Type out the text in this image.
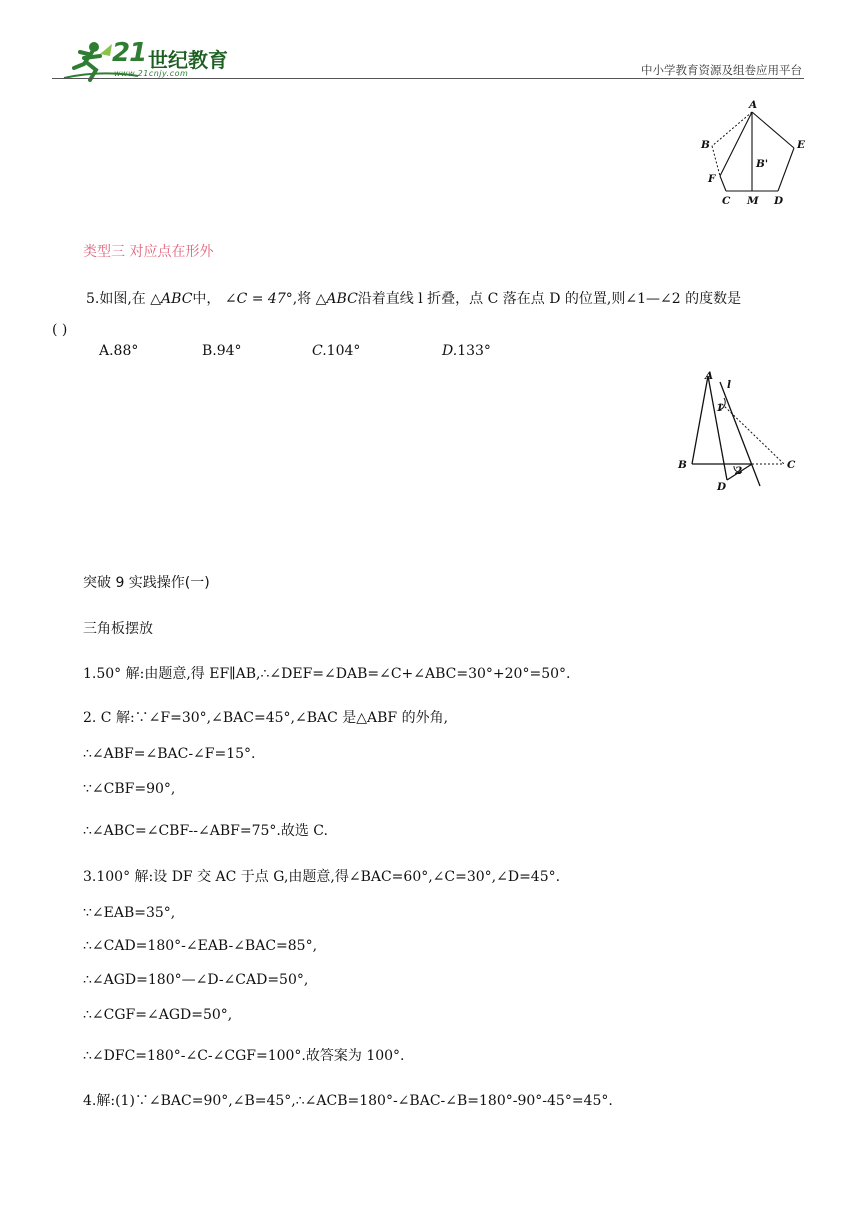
21 世纪教育
www.21cnjy.com	中小学教育资源及组卷应用平台
A
B	E
B'
F
C M D
类型三 对应点在形外
5.如图,在 △ABC中， ∠C = 47°,将 △ABC沿着直线 l 折叠，点 C 落在点 D 的位置,则∠1—∠2 的度数是
( )
A.88°	B.94°	C.104°	D.133°
A
l
1
B	2	C
D
突破 9 实践操作(一)
三角板摆放
1.50° 解:由题意,得 EF∥AB,∴∠DEF=∠DAB=∠C+∠ABC=30°+20°=50°.
2. C 解:∵∠F=30°,∠BAC=45°,∠BAC 是△ABF 的外角,
∴∠ABF=∠BAC-∠F=15°.
∵∠CBF=90°,
∴∠ABC=∠CBF--∠ABF=75°.故选 C.
3.100° 解:设 DF 交 AC 于点 G,由题意,得∠BAC=60°,∠C=30°,∠D=45°.
∵∠EAB=35°,
∴∠CAD=180°-∠EAB-∠BAC=85°,
∴∠AGD=180°—∠D-∠CAD=50°,
∴∠CGF=∠AGD=50°,
∴∠DFC=180°-∠C-∠CGF=100°.故答案为 100°.
4.解:(1)∵∠BAC=90°,∠B=45°,∴∠ACB=180°-∠BAC-∠B=180°-90°-45°=45°.
